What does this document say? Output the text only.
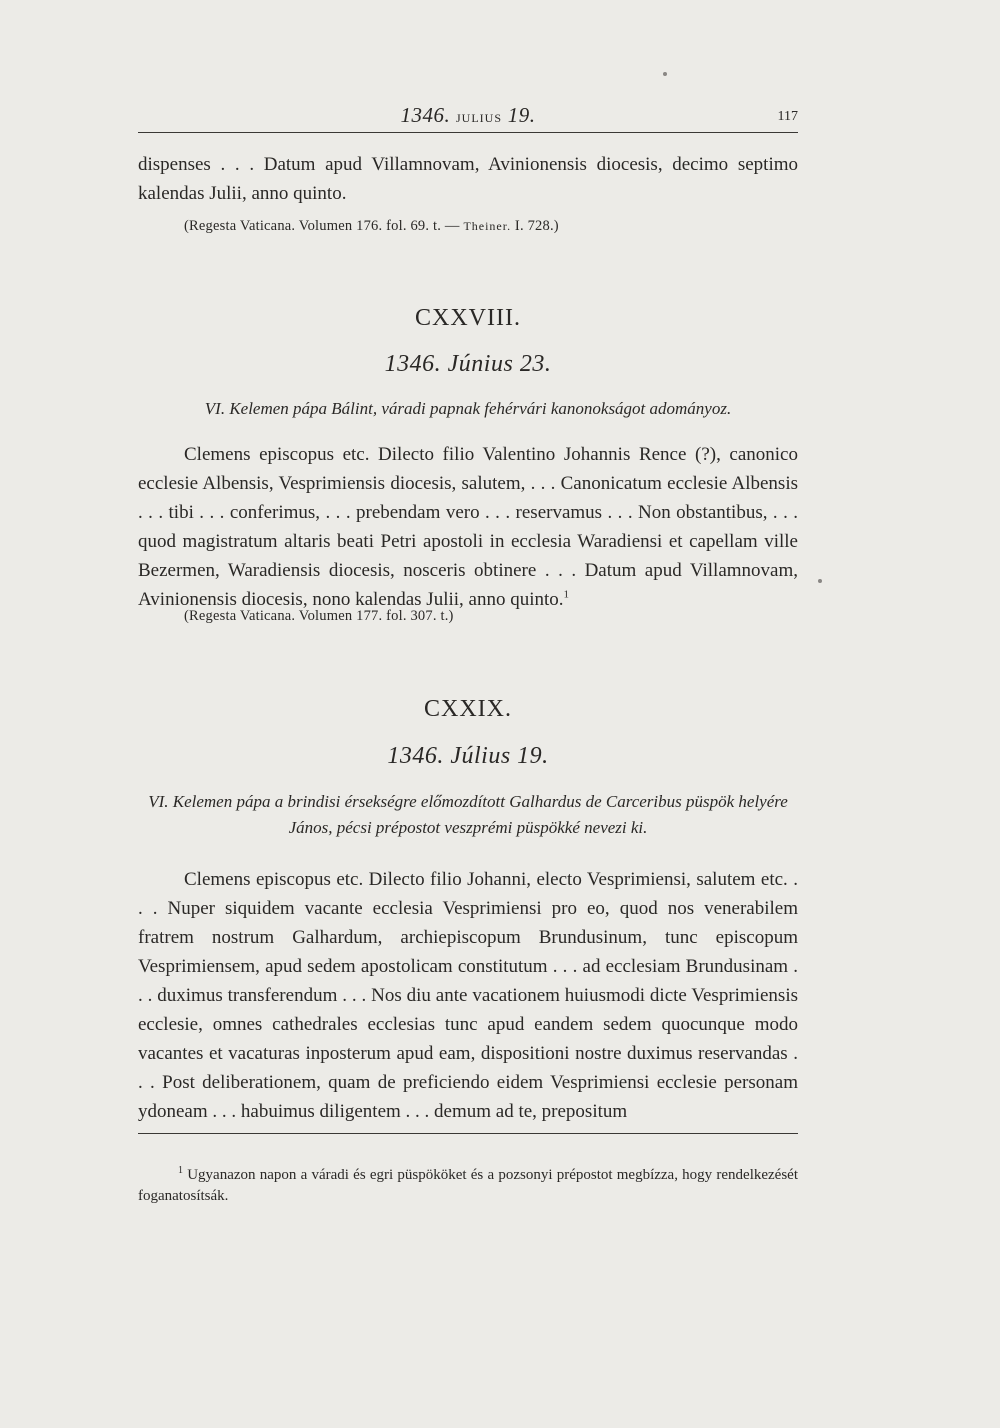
1346. JULIUS 19.	117

dispenses . . . Datum apud Villamnovam, Avinionensis diocesis, decimo septimo kalendas Julii, anno quinto.

(Regesta Vaticana. Volumen 176. fol. 69. t. — Theiner. I. 728.)
CXXVIII.
1346. Június 23.
VI. Kelemen pápa Bálint, váradi papnak fehérvári kanonokságot adományoz.

Clemens episcopus etc. Dilecto filio Valentino Johannis Rence (?), canonico ecclesie Albensis, Vesprimiensis diocesis, salutem, . . . Canonicatum ecclesie Albensis . . . tibi . . . conferimus, . . . prebendam vero . . . reservamus . . . Non obstantibus, . . . quod magistratum altaris beati Petri apostoli in ecclesia Waradiensi et capellam ville Bezermen, Waradiensis diocesis, nosceris obtinere . . . Datum apud Villamnovam, Avinionensis diocesis, nono kalendas Julii, anno quinto.$^1$

(Regesta Vaticana. Volumen 177. fol. 307. t.)
CXXIX.
1346. Július 19.
VI. Kelemen pápa a brindisi érsekségre előmozdított Galhardus de Carceribus püspök helyére János, pécsi prépostot veszprémi püspökké nevezi ki.

Clemens episcopus etc. Dilecto filio Johanni, electo Vesprimiensi, salutem etc. . . . Nuper siquidem vacante ecclesia Vesprimiensi pro eo, quod nos venerabilem fratrem nostrum Galhardum, archiepiscopum Brundusinum, tunc episcopum Vesprimiensem, apud sedem apostolicam constitutum . . . ad ecclesiam Brundusinam . . . duximus transferendum . . . Nos diu ante vacationem huiusmodi dicte Vesprimiensis ecclesie, omnes cathedrales ecclesias tunc apud eandem sedem quocunque modo vacantes et vacaturas inposterum apud eam, dispositioni nostre duximus reservandas . . . Post deliberationem, quam de preficiendo eidem Vesprimiensi ecclesie personam ydoneam . . . habuimus diligentem . . . demum ad te, prepositum

$^1$ Ugyanazon napon a váradi és egri püspököket és a pozsonyi prépostot megbízza, hogy rendelkezését foganatosítsák.
